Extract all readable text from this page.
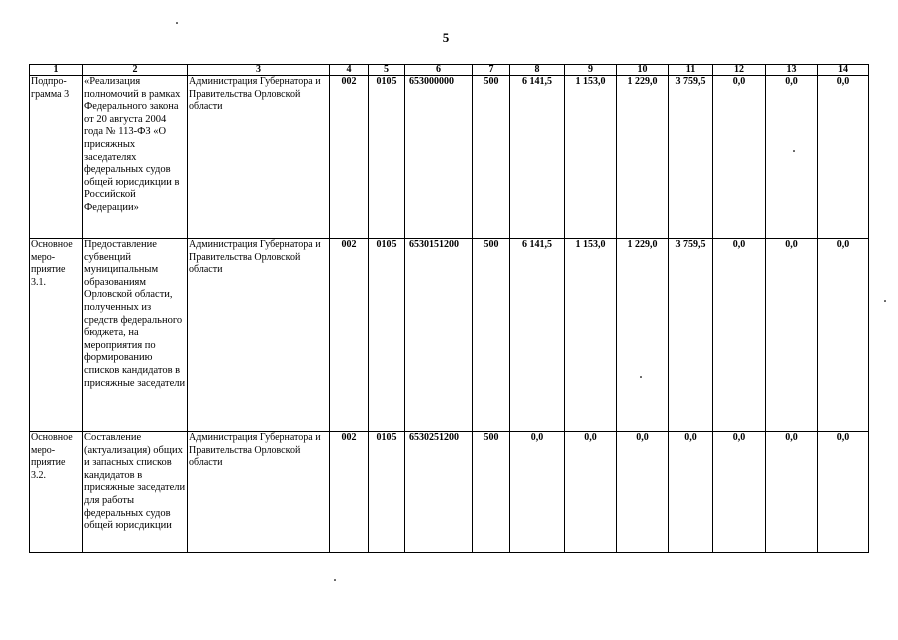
5
1	2	3	4	5	6	7	8	9	10	11	12	13	14
Подпро-грамма 3	«Реализация полномочий в рамках Федерального закона от 20 августа 2004 года № 113-ФЗ «О присяжных заседателях федеральных судов общей юрисдикции в Российской Федерации»	Администрация Губернатора и Правительства Орловской области	002	0105	653000000	500	6 141,5	1 153,0	1 229,0	3 759,5	0,0	0,0	0,0
Основное меро-приятие 3.1.	Предоставление субвенций муниципальным образованиям Орловской области, полученных из средств федерального бюджета, на мероприятия по формированию списков кандидатов в присяжные заседатели	Администрация Губернатора и Правительства Орловской области	002	0105	6530151200	500	6 141,5	1 153,0	1 229,0	3 759,5	0,0	0,0	0,0
Основное меро-приятие 3.2.	Составление (актуализация) общих и запасных списков кандидатов в присяжные заседатели для работы федеральных судов общей юрисдикции	Администрация Губернатора и Правительства Орловской области	002	0105	6530251200	500	0,0	0,0	0,0	0,0	0,0	0,0	0,0
